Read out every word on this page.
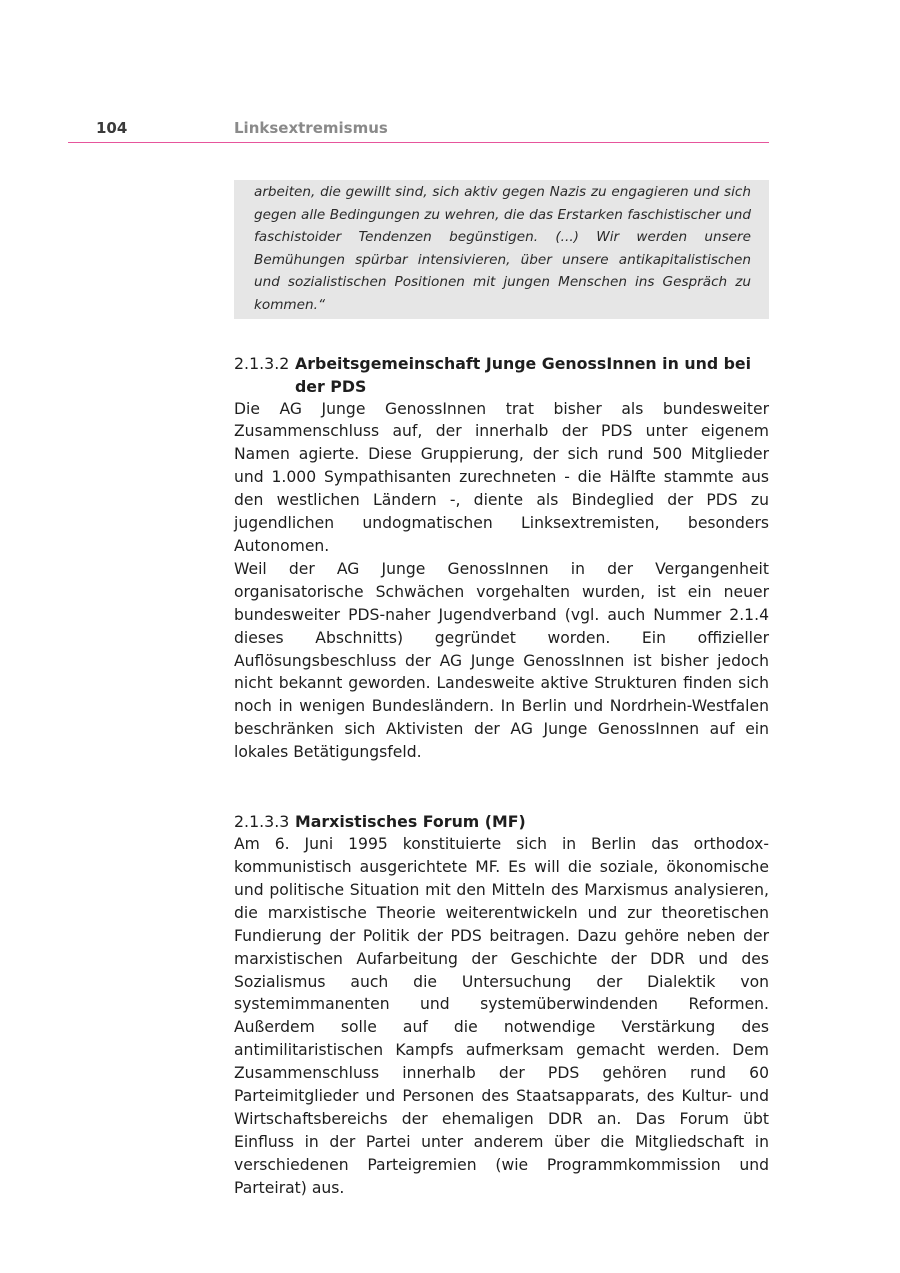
104	Linksextremismus
arbeiten, die gewillt sind, sich aktiv gegen Nazis zu engagieren und sich gegen alle Bedingungen zu wehren, die das Erstarken faschistischer und faschistoider Tendenzen begünstigen. (...) Wir werden unsere Bemühungen spürbar intensivieren, über unsere antikapitalistischen und sozialistischen Positionen mit jungen Menschen ins Gespräch zu kommen.“
2.1.3.2 Arbeitsgemeinschaft Junge GenossInnen in und bei der PDS

Die AG Junge GenossInnen trat bisher als bundesweiter Zusammenschluss auf, der innerhalb der PDS unter eigenem Namen agierte. Diese Gruppierung, der sich rund 500 Mitglieder und 1.000 Sympathisanten zurechneten - die Hälfte stammte aus den westlichen Ländern -, diente als Bindeglied der PDS zu jugendlichen undogmatischen Linksextremisten, besonders Autonomen.

Weil der AG Junge GenossInnen in der Vergangenheit organisatorische Schwächen vorgehalten wurden, ist ein neuer bundesweiter PDS-naher Jugendverband (vgl. auch Nummer 2.1.4 dieses Abschnitts) gegründet worden. Ein offizieller Auflösungsbeschluss der AG Junge GenossInnen ist bisher jedoch nicht bekannt geworden. Landesweite aktive Strukturen finden sich noch in wenigen Bundesländern. In Berlin und Nordrhein-Westfalen beschränken sich Aktivisten der AG Junge GenossInnen auf ein lokales Betätigungsfeld.

2.1.3.3 Marxistisches Forum (MF)

Am 6. Juni 1995 konstituierte sich in Berlin das orthodox-kommunistisch ausgerichtete MF. Es will die soziale, ökonomische und politische Situation mit den Mitteln des Marxismus analysieren, die marxistische Theorie weiterentwickeln und zur theoretischen Fundierung der Politik der PDS beitragen. Dazu gehöre neben der marxistischen Aufarbeitung der Geschichte der DDR und des Sozialismus auch die Untersuchung der Dialektik von systemimmanenten und systemüberwindenden Reformen. Außerdem solle auf die notwendige Verstärkung des antimilitaristischen Kampfs aufmerksam gemacht werden. Dem Zusammenschluss innerhalb der PDS gehören rund 60 Parteimitglieder und Personen des Staatsapparats, des Kultur- und Wirtschaftsbereichs der ehemaligen DDR an. Das Forum übt Einfluss in der Partei unter anderem über die Mitgliedschaft in verschiedenen Parteigremien (wie Programmkommission und Parteirat) aus.
